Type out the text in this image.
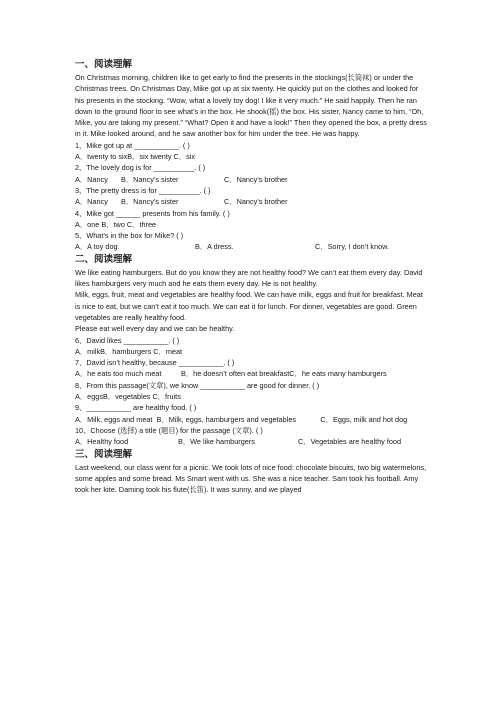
一、阅读理解

On Christmas morning, children like to get early to find the presents in the stockings(长筒袜) or under the Christmas trees. On Christmas Day, Mike got up at six twenty. He quickly put on the clothes and looked for his presents in the stocking. “Wow, what a lovely toy dog! I like it very much.” He said happily. Then he ran down to the ground floor to see what’s in the box. He shook(摇) the box. His sister, Nancy came to him, “Oh, Mike, you are taking my present.” “What? Open it and have a look!” Then they opened the box, a pretty dress in it. Mike looked around, and he saw another box for him under the tree. He was happy.

1、Mike got up at ___________. ( )
A．twenty to sixB．six twenty C．six
2、The lovely dog is for __________. ( )
A．Nancy B．Nancy’s sister	C．Nancy’s brother
3、The pretty dress is for __________. ( )
A．Nancy B．Nancy’s sister	C．Nancy’s brother
4、Mike got ______ presents from his family. ( )
A．one B．two C．three
5、What’s in the box for Mike? ( )
A．A toy dog.	B．A dress.	C．Sorry, I don’t know.
二、阅读理解

We like eating hamburgers. But do you know they are not healthy food? We can’t eat them every day. David likes hamburgers very much and he eats them every day. He is not healthy.

Milk, eggs, fruit, meat and vegetables are healthy food. We can have milk, eggs and fruit for breakfast. Meat is nice to eat, but we can’t eat it too much. We can eat it for lunch. For dinner, vegetables are good. Green vegetables are really healthy food.

Please eat well every day and we can be healthy.

6、David likes ___________. ( )
A．milkB．hamburgers C．meat
7、David isn’t healthy, because ___________. ( )
A．he eats too much meat	B．he doesn’t often eat breakfastC．he eats many hamburgers
8、From this passage(文章), we know ___________ are good for dinner. ( )
A．eggsB．vegetables C．fruits
9、___________ are healthy food. ( )
A．Milk, eggs and meat B．Milk, eggs, hamburgers and vegetables	C．Eggs, milk and hot dog
10、Choose (选择) a title (题目) for the passage (文章). ( )
A．Healthy food	B．We like hamburgers	C．Vegetables are healthy food
三、阅读理解

Last weekend, our class went for a picnic. We took lots of nice food: chocolate biscuits, two big watermelons, some apples and some bread. Ms Smart went with us. She was a nice teacher. Sam took his football. Amy took her kite. Daming took his flute(长笛). It was sunny, and we played
